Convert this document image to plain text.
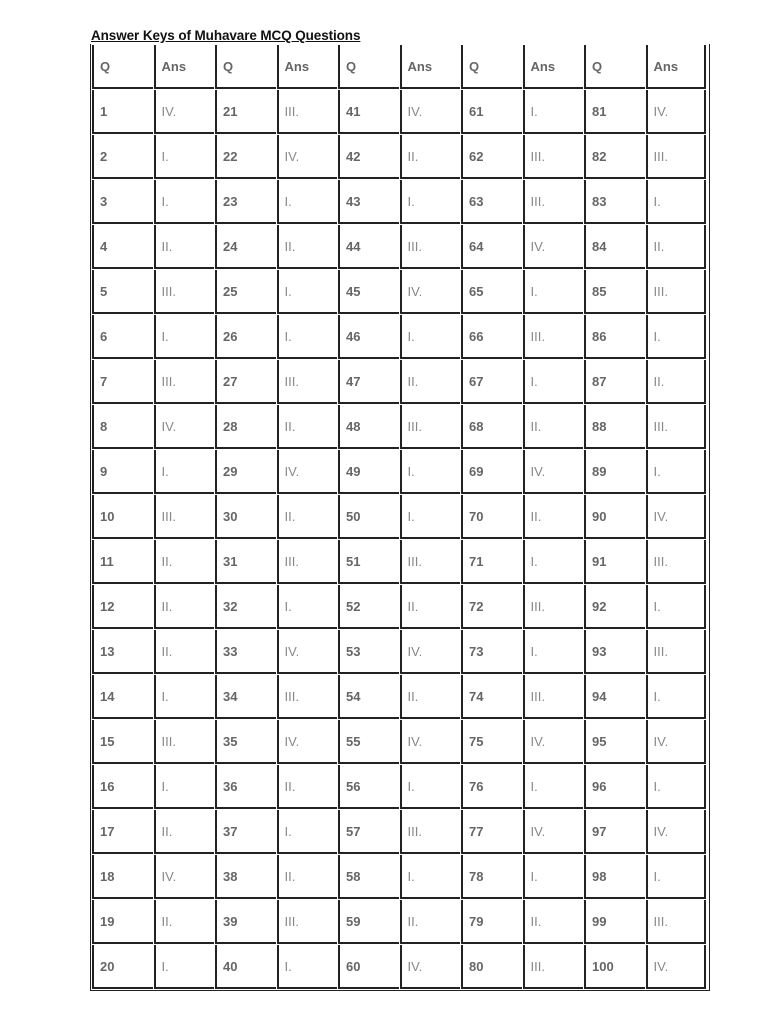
Answer Keys of Muhavare MCQ Questions
Q	Ans	Q	Ans	Q	Ans	Q	Ans	Q	Ans
1	IV.	21	III.	41	IV.	61	I.	81	IV.
2	I.	22	IV.	42	II.	62	III.	82	III.
3	I.	23	I.	43	I.	63	III.	83	I.
4	II.	24	II.	44	III.	64	IV.	84	II.
5	III.	25	I.	45	IV.	65	I.	85	III.
6	I.	26	I.	46	I.	66	III.	86	I.
7	III.	27	III.	47	II.	67	I.	87	II.
8	IV.	28	II.	48	III.	68	II.	88	III.
9	I.	29	IV.	49	I.	69	IV.	89	I.
10	III.	30	II.	50	I.	70	II.	90	IV.
11	II.	31	III.	51	III.	71	I.	91	III.
12	II.	32	I.	52	II.	72	III.	92	I.
13	II.	33	IV.	53	IV.	73	I.	93	III.
14	I.	34	III.	54	II.	74	III.	94	I.
15	III.	35	IV.	55	IV.	75	IV.	95	IV.
16	I.	36	II.	56	I.	76	I.	96	I.
17	II.	37	I.	57	III.	77	IV.	97	IV.
18	IV.	38	II.	58	I.	78	I.	98	I.
19	II.	39	III.	59	II.	79	II.	99	III.
20	I.	40	I.	60	IV.	80	III.	100	IV.
